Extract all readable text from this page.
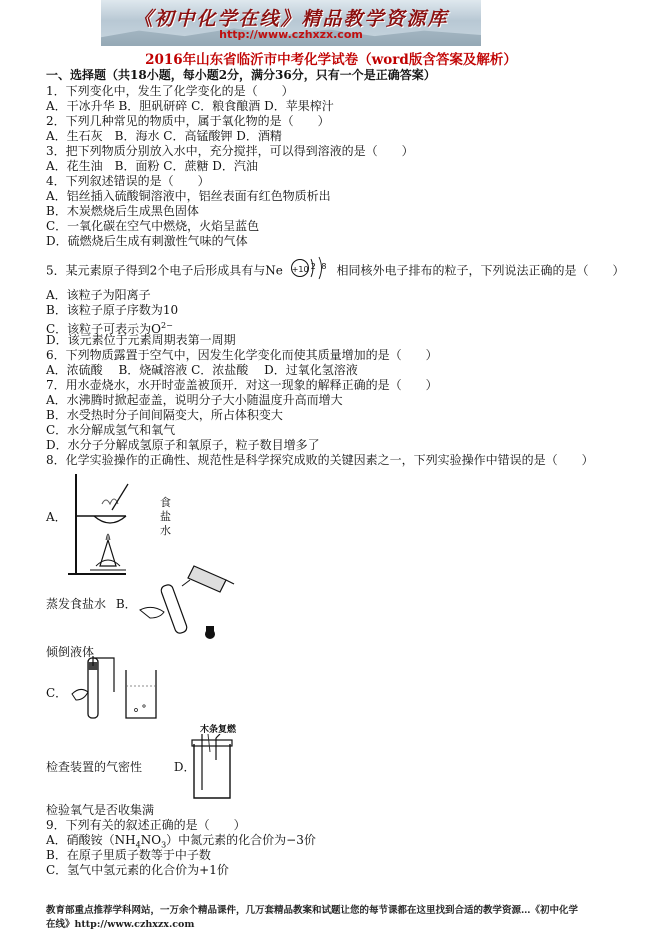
《初中化学在线》精品教学资源库
http://www.czhxzx.com
2016年山东省临沂市中考化学试卷（word版含答案及解析）
一、选择题（共18小题，每小题2分，满分36分，只有一个是正确答案）
1．下列变化中，发生了化学变化的是（　　）
A．干冰升华 B．胆矾研碎 C．粮食酿酒 D．苹果榨汁
2．下列几种常见的物质中，属于氧化物的是（　　）
A．生石灰　B．海水 C．高锰酸钾 D．酒精
3．把下列物质分别放入水中，充分搅拌，可以得到溶液的是（　　）
A．花生油　B．面粉 C．蔗糖 D．汽油
4．下列叙述错误的是（　　）
A．铝丝插入硫酸铜溶液中，铝丝表面有红色物质析出
B．木炭燃烧后生成黑色固体
C．一氧化碳在空气中燃烧，火焰呈蓝色
D．硫燃烧后生成有刺激性气味的气体
5．某元素原子得到2个电子后形成具有与Ne +10 2 8 相同核外电子排布的粒子，下列说法正确的是（　　）
A．该粒子为阳离子
B．该粒子原子序数为10
C．该粒子可表示为$O^{2-}$
D．该元素位于元素周期表第一周期
6．下列物质露置于空气中，因发生化学变化而使其质量增加的是（　　）
A．浓硫酸　 B．烧碱溶液 C．浓盐酸　 D．过氧化氢溶液
7．用水壶烧水，水开时壶盖被顶开．对这一现象的解释正确的是（　　）
A．水沸腾时掀起壶盖，说明分子大小随温度升高而增大
B．水受热时分子间间隔变大，所占体积变大
C．水分解成氢气和氧气
D．水分子分解成氢原子和氧原子，粒子数目增多了
8．化学实验操作的正确性、规范性是科学探究成败的关键因素之一，下列实验操作中错误的是（　　）
A．
食
盐
水
蒸发食盐水 B．
倾倒液体
C．
检查装置的气密性	D．
木条复燃
检验氧气是否收集满
9．下列有关的叙述正确的是（　　）
A．硝酸铵$(NH_4NO_3)$中氮元素的化合价为−3价
B．在原子里质子数等于中子数
C．氢气中氢元素的化合价为+1价
教育部重点推荐学科网站，一万余个精品课件，几万套精品教案和试题让您的每节课都在这里找到合适的教学资源…《初中化学
在线》http://www.czhxzx.com
